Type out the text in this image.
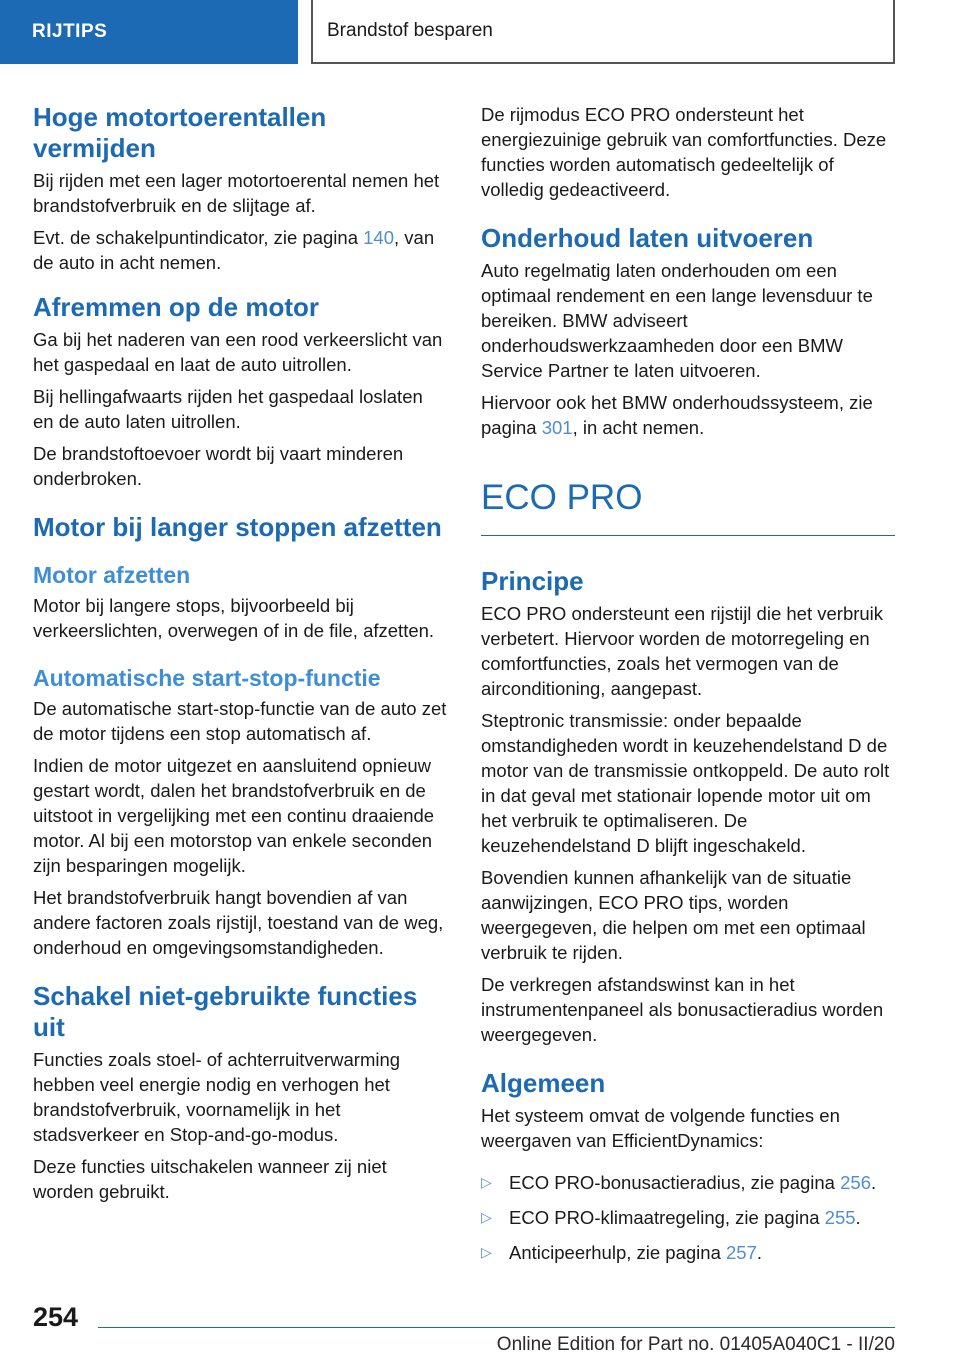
RIJTIPS	Brandstof besparen
Hoge motortoerentallen vermijden

Bij rijden met een lager motortoerental nemen het brandstofverbruik en de slijtage af.

Evt. de schakelpuntindicator, zie pagina 140, van de auto in acht nemen.

Afremmen op de motor

Ga bij het naderen van een rood verkeerslicht van het gaspedaal en laat de auto uitrollen.

Bij hellingafwaarts rijden het gaspedaal loslaten en de auto laten uitrollen.

De brandstoftoevoer wordt bij vaart minderen onderbroken.

Motor bij langer stoppen afzetten
Motor afzetten

Motor bij langere stops, bijvoorbeeld bij verkeerslichten, overwegen of in de file, afzetten.

Automatische start-stop-functie

De automatische start-stop-functie van de auto zet de motor tijdens een stop automatisch af.

Indien de motor uitgezet en aansluitend opnieuw gestart wordt, dalen het brandstofverbruik en de uitstoot in vergelijking met een continu draaiende motor. Al bij een motorstop van enkele seconden zijn besparingen mogelijk.

Het brandstofverbruik hangt bovendien af van andere factoren zoals rijstijl, toestand van de weg, onderhoud en omgevingsomstandigheden.

Schakel niet-gebruikte functies uit

Functies zoals stoel- of achterruitverwarming hebben veel energie nodig en verhogen het brandstofverbruik, voornamelijk in het stadsverkeer en Stop-and-go-modus.

Deze functies uitschakelen wanneer zij niet worden gebruikt.

De rijmodus ECO PRO ondersteunt het energiezuinige gebruik van comfortfuncties. Deze functies worden automatisch gedeeltelijk of volledig gedeactiveerd.

Onderhoud laten uitvoeren

Auto regelmatig laten onderhouden om een optimaal rendement en een lange levensduur te bereiken. BMW adviseert onderhoudswerkzaamheden door een BMW Service Partner te laten uitvoeren.

Hiervoor ook het BMW onderhoudssysteem, zie pagina 301, in acht nemen.

ECO PRO
Principe

ECO PRO ondersteunt een rijstijl die het verbruik verbetert. Hiervoor worden de motorregeling en comfortfuncties, zoals het vermogen van de airconditioning, aangepast.

Steptronic transmissie: onder bepaalde omstandigheden wordt in keuzehendelstand D de motor van de transmissie ontkoppeld. De auto rolt in dat geval met stationair lopende motor uit om het verbruik te optimaliseren. De keuzehendelstand D blijft ingeschakeld.

Bovendien kunnen afhankelijk van de situatie aanwijzingen, ECO PRO tips, worden weergegeven, die helpen om met een optimaal verbruik te rijden.

De verkregen afstandswinst kan in het instrumentenpaneel als bonusactieradius worden weergegeven.

Algemeen

Het systeem omvat de volgende functies en weergaven van EfficientDynamics:

▷ ECO PRO-bonusactieradius, zie pagina 256.
▷ ECO PRO-klimaatregeling, zie pagina 255.
▷ Anticipeerhulp, zie pagina 257.
254
Online Edition for Part no. 01405A040C1 - II/20
